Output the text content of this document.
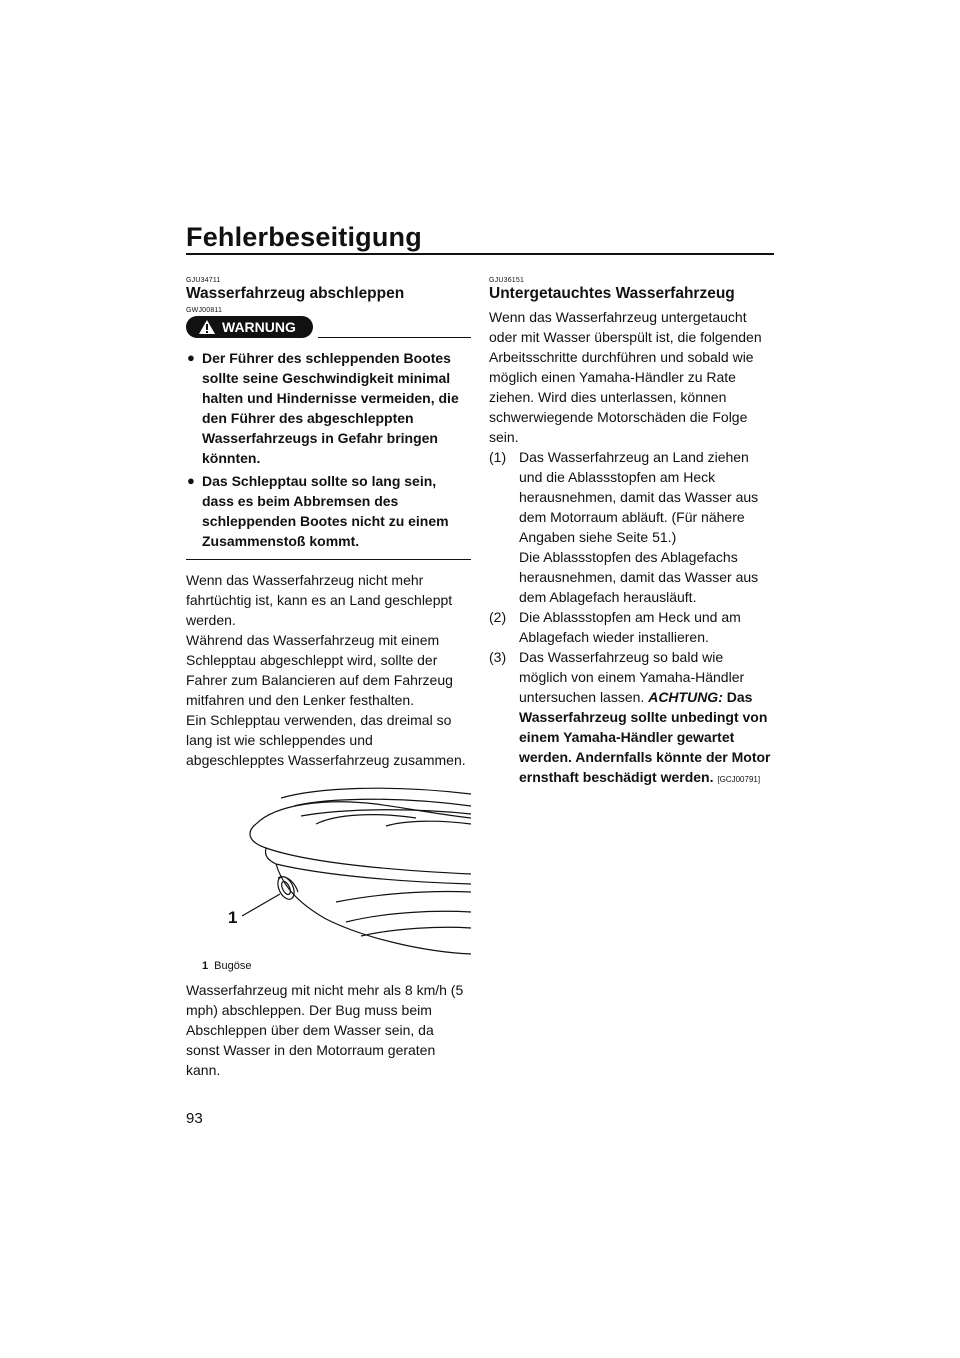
Fehlerbeseitigung
GJU34711
Wasserfahrzeug abschleppen
GWJ00811
WARNUNG
● Der Führer des schleppenden Bootes sollte seine Geschwindigkeit minimal halten und Hindernisse vermeiden, die den Führer des abgeschleppten Wasserfahrzeugs in Gefahr bringen könnten.
● Das Schlepptau sollte so lang sein, dass es beim Abbremsen des schleppenden Bootes nicht zu einem Zusammenstoß kommt.
Wenn das Wasserfahrzeug nicht mehr fahrtüchtig ist, kann es an Land geschleppt werden.
Während das Wasserfahrzeug mit einem Schlepptau abgeschleppt wird, sollte der Fahrer zum Balancieren auf dem Fahrzeug mitfahren und den Lenker festhalten.
Ein Schlepptau verwenden, das dreimal so lang ist wie schleppendes und abgeschlepptes Wasserfahrzeug zusammen.
1
1 Bugöse
Wasserfahrzeug mit nicht mehr als 8 km/h (5 mph) abschleppen. Der Bug muss beim Abschleppen über dem Wasser sein, da sonst Wasser in den Motorraum geraten kann.
GJU36151
Untergetauchtes Wasserfahrzeug
Wenn das Wasserfahrzeug untergetaucht oder mit Wasser überspült ist, die folgenden Arbeitsschritte durchführen und sobald wie möglich einen Yamaha-Händler zu Rate ziehen. Wird dies unterlassen, können schwerwiegende Motorschäden die Folge sein.
(1) Das Wasserfahrzeug an Land ziehen und die Ablassstopfen am Heck herausnehmen, damit das Wasser aus dem Motorraum abläuft. (Für nähere Angaben siehe Seite 51.)
Die Ablassstopfen des Ablagefachs herausnehmen, damit das Wasser aus dem Ablagefach herausläuft.
(2) Die Ablassstopfen am Heck und am Ablagefach wieder installieren.
(3) Das Wasserfahrzeug so bald wie möglich von einem Yamaha-Händler untersuchen lassen. ACHTUNG: Das Wasserfahrzeug sollte unbedingt von einem Yamaha-Händler gewartet werden. Andernfalls könnte der Motor ernsthaft beschädigt werden. [GCJ00791]
93
